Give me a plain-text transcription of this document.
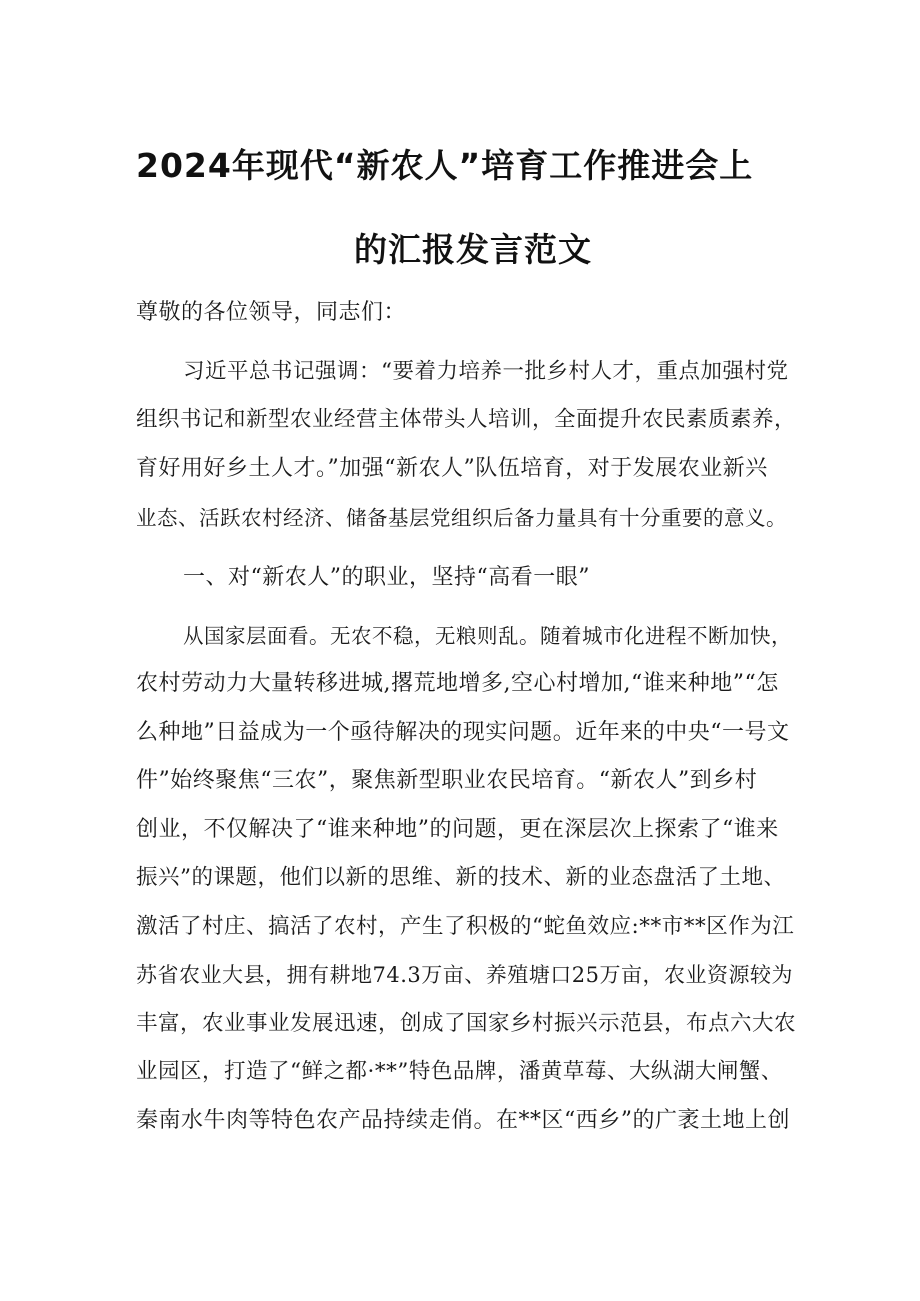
2024年现代“新农人”培育工作推进会上
的汇报发言范文
尊敬的各位领导，同志们：
习近平总书记强调：“要着力培养一批乡村人才，重点加强村党
组织书记和新型农业经营主体带头人培训，全面提升农民素质素养，
育好用好乡土人才。”加强“新农人”队伍培育，对于发展农业新兴
业态、活跃农村经济、储备基层党组织后备力量具有十分重要的意义。
一、对“新农人”的职业，坚持“高看一眼”
从国家层面看。无农不稳，无粮则乱。随着城市化进程不断加快，
农村劳动力大量转移进城,撂荒地增多,空心村增加,“谁来种地”“怎
么种地”日益成为一个亟待解决的现实问题。近年来的中央“一号文
件”始终聚焦“三农”，聚焦新型职业农民培育。“新农人”到乡村
创业，不仅解决了“谁来种地”的问题，更在深层次上探索了“谁来
振兴”的课题，他们以新的思维、新的技术、新的业态盘活了土地、
激活了村庄、搞活了农村，产生了积极的“蛇鱼效应:**市**区作为江
苏省农业大县，拥有耕地74.3万亩、养殖塘口25万亩，农业资源较为
丰富，农业事业发展迅速，创成了国家乡村振兴示范县，布点六大农
业园区，打造了“鲜之都·**”特色品牌，潘黄草莓、大纵湖大闸蟹、
秦南水牛肉等特色农产品持续走俏。在**区“西乡”的广袤土地上创
